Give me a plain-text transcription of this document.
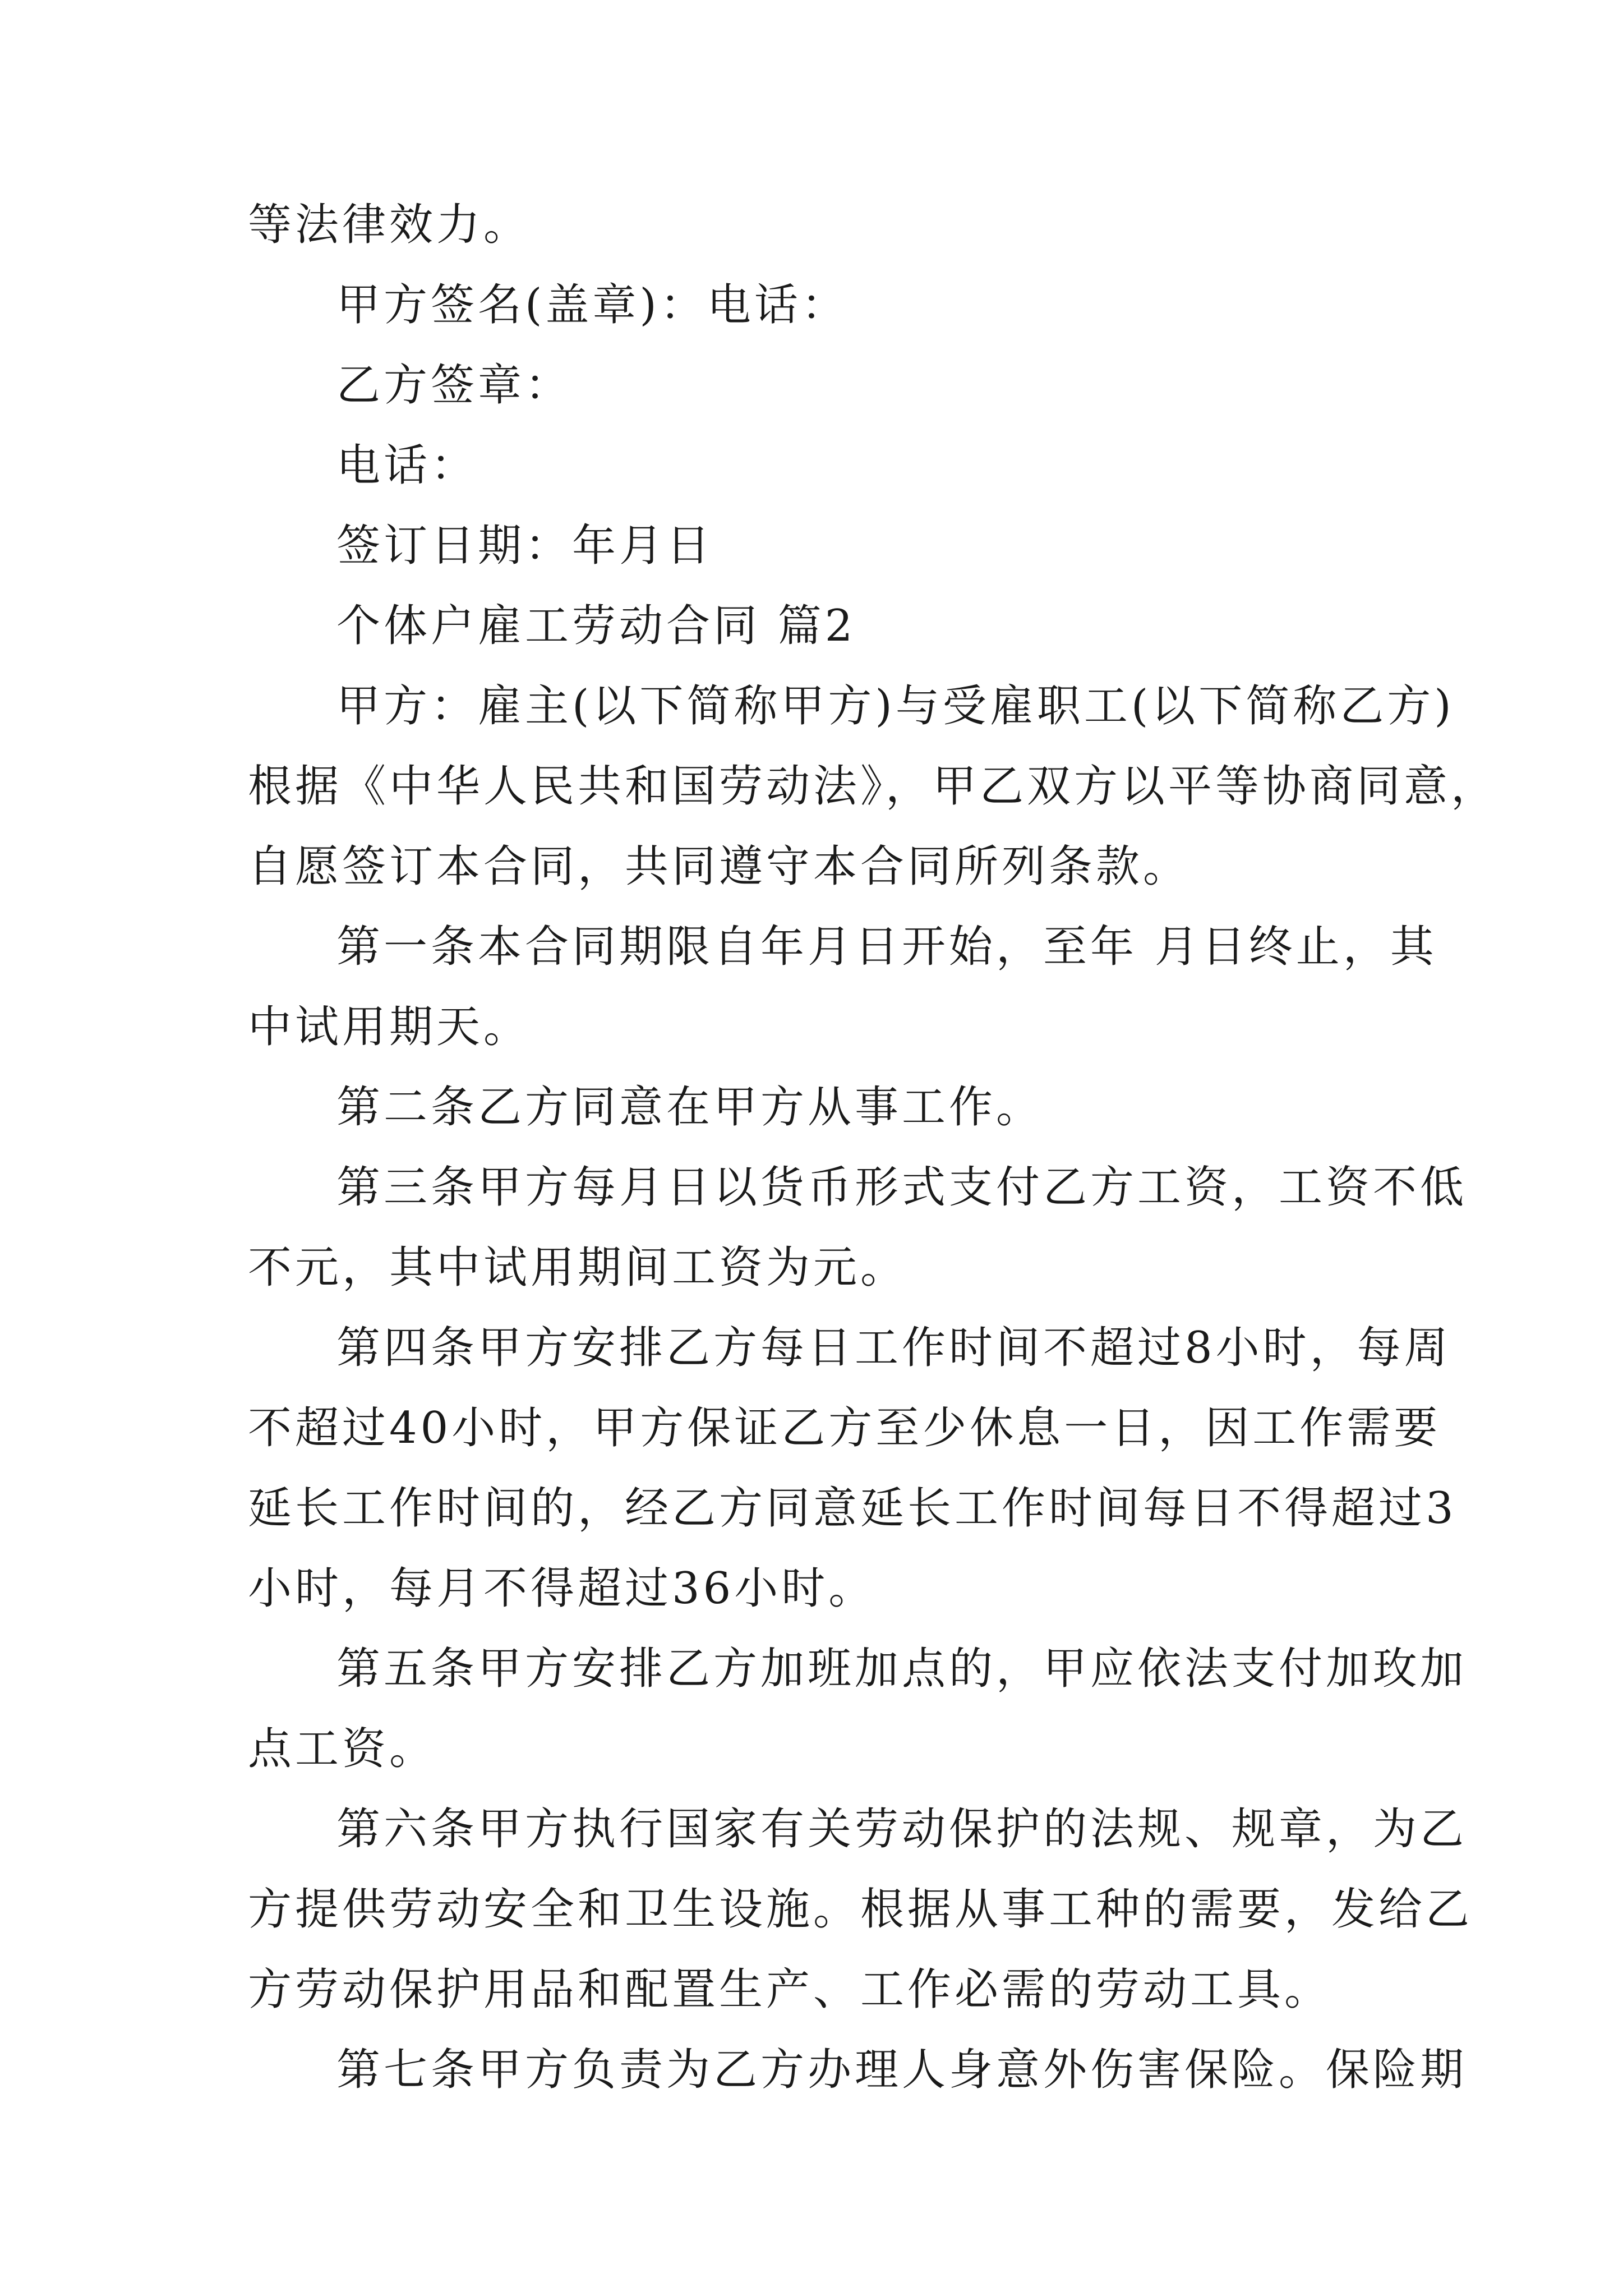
等法律效力。
甲方签名(盖章)：电话：
乙方签章：
电话：
签订日期：年月日
个体户雇工劳动合同 篇2
甲方：雇主(以下简称甲方)与受雇职工(以下简称乙方)
根据《中华人民共和国劳动法》，甲乙双方以平等协商同意，
自愿签订本合同，共同遵守本合同所列条款。
第一条本合同期限自年月日开始，至年 月日终止，其
中试用期天。
第二条乙方同意在甲方从事工作。
第三条甲方每月日以货币形式支付乙方工资，工资不低
不元，其中试用期间工资为元。
第四条甲方安排乙方每日工作时间不超过8小时，每周
不超过40小时，甲方保证乙方至少休息一日，因工作需要
延长工作时间的，经乙方同意延长工作时间每日不得超过3
小时，每月不得超过36小时。
第五条甲方安排乙方加班加点的，甲应依法支付加玫加
点工资。
第六条甲方执行国家有关劳动保护的法规、规章，为乙
方提供劳动安全和卫生设施。根据从事工种的需要，发给乙
方劳动保护用品和配置生产、工作必需的劳动工具。
第七条甲方负责为乙方办理人身意外伤害保险。保险期
